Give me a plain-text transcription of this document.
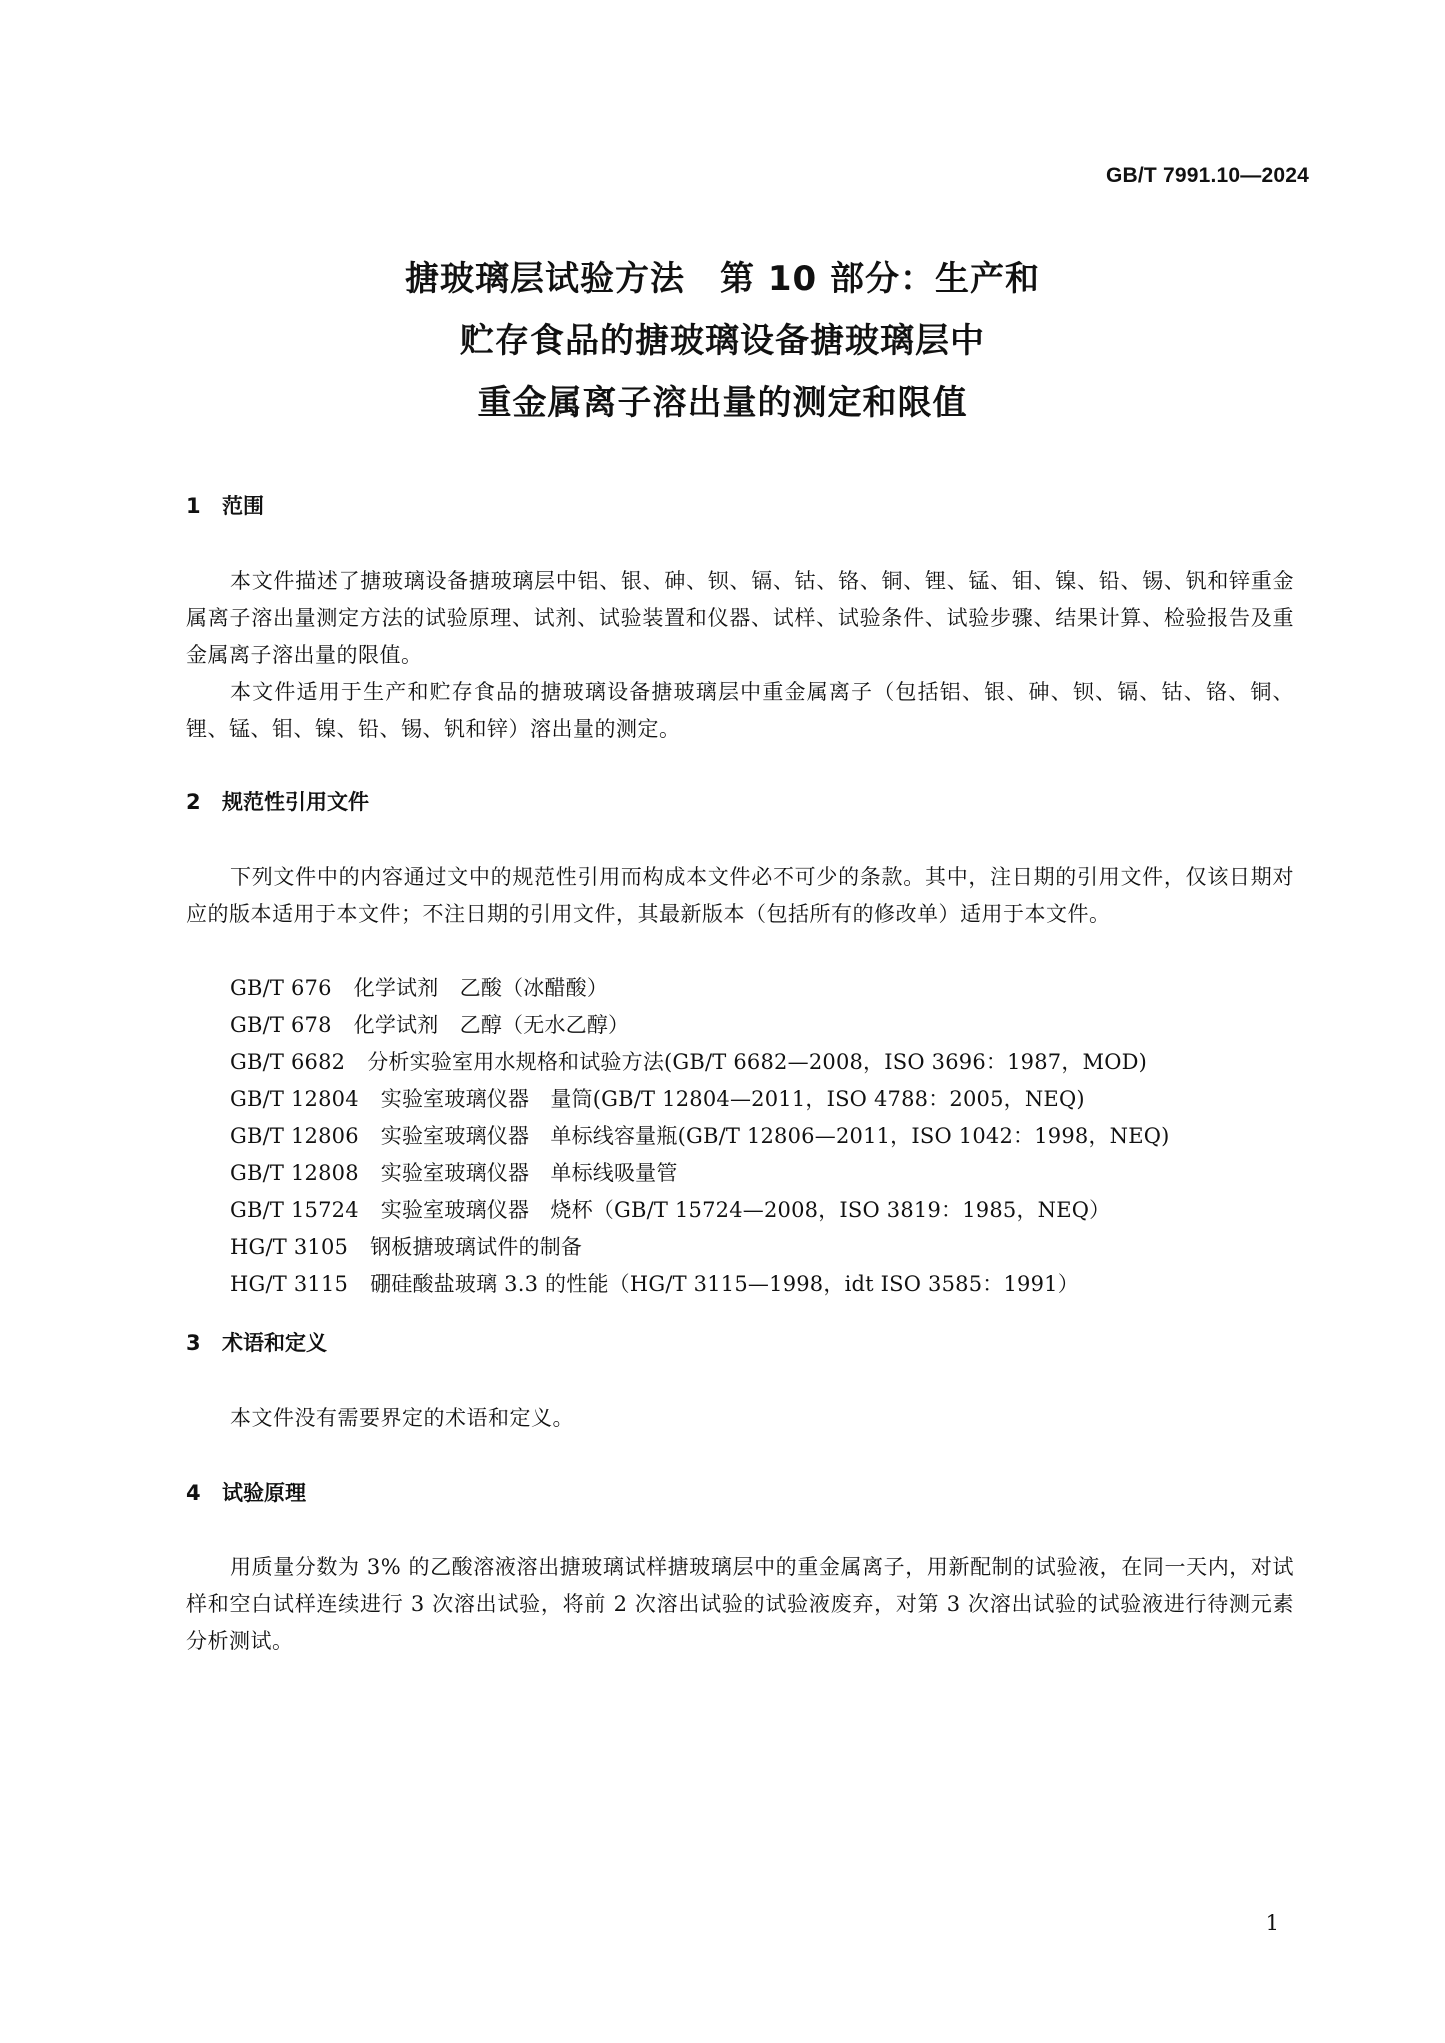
GB/T 7991.10—2024
搪玻璃层试验方法　第 10 部分：生产和
贮存食品的搪玻璃设备搪玻璃层中
重金属离子溶出量的测定和限值
1 范围
本文件描述了搪玻璃设备搪玻璃层中铝、银、砷、钡、镉、钴、铬、铜、锂、锰、钼、镍、铅、锡、钒和锌重金属离子溶出量测定方法的试验原理、试剂、试验装置和仪器、试样、试验条件、试验步骤、结果计算、检验报告及重金属离子溶出量的限值。
本文件适用于生产和贮存食品的搪玻璃设备搪玻璃层中重金属离子（包括铝、银、砷、钡、镉、钴、铬、铜、锂、锰、钼、镍、铅、锡、钒和锌）溶出量的测定。
2 规范性引用文件
下列文件中的内容通过文中的规范性引用而构成本文件必不可少的条款。其中，注日期的引用文件，仅该日期对应的版本适用于本文件；不注日期的引用文件，其最新版本（包括所有的修改单）适用于本文件。
GB/T 676 化学试剂　乙酸（冰醋酸）
GB/T 678 化学试剂　乙醇（无水乙醇）
GB/T 6682 分析实验室用水规格和试验方法(GB/T 6682—2008，ISO 3696：1987，MOD)
GB/T 12804 实验室玻璃仪器　量筒(GB/T 12804—2011，ISO 4788：2005，NEQ)
GB/T 12806 实验室玻璃仪器　单标线容量瓶(GB/T 12806—2011，ISO 1042：1998，NEQ)
GB/T 12808 实验室玻璃仪器　单标线吸量管
GB/T 15724 实验室玻璃仪器　烧杯（GB/T 15724—2008，ISO 3819：1985，NEQ）
HG/T 3105 钢板搪玻璃试件的制备
HG/T 3115 硼硅酸盐玻璃 3.3 的性能（HG/T 3115—1998，idt ISO 3585：1991）
3 术语和定义
本文件没有需要界定的术语和定义。
4 试验原理
用质量分数为 3% 的乙酸溶液溶出搪玻璃试样搪玻璃层中的重金属离子，用新配制的试验液，在同一天内，对试样和空白试样连续进行 3 次溶出试验，将前 2 次溶出试验的试验液废弃，对第 3 次溶出试验的试验液进行待测元素分析测试。
1
